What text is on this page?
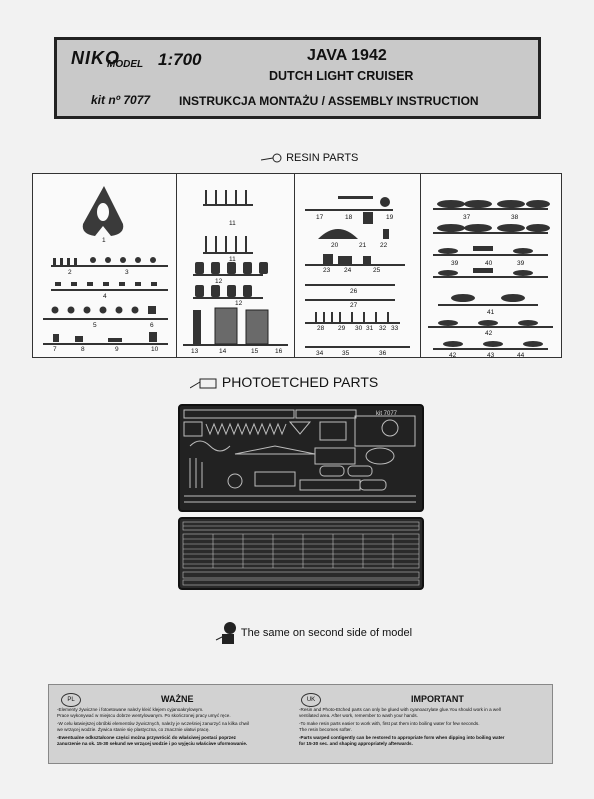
NIKO
MODEL 1:700	JAVA 1942
DUTCH LIGHT CRUISER
kit nº 7077 INSTRUKCJA MONTAŻU / ASSEMBLY INSTRUCTION
RESIN PARTS
1
2	3
4
5	6
7	8	9	10
11
11
12
12
13	14	15	16
17	18	19
20	21 22
23 24	25
26
27
28 29 30 31 32 33
34	35	36
37	38
39	40	39
41
42
42	43	44
PHOTOETCHED PARTS
kit 7077
The same on second side of model
PL	WAŻNE
-Elementy żywiczne i fotoetowane należy kleić klejem cyjanoakrylowym.
Prace wykonywać w miejscu dobrze wentylowanym. Po skończonej pracy umyć ręce.
-W celu łatwiejszej obróbki elementów żywicznych, należy je wcześniej zanurzyć na kilka chwil
we wrzącej wodzie. Żywica stanie się plastyczna, co znacznie ułatwi pracę.
-Ewentualne odkształcone części można przywrócić do właściwej postaci poprzez
zanurzenie na ok. 15-30 sekund we wrzącej wodzie i po wyjęciu właściwe uformowanie.
UK	IMPORTANT
-Resin and Photo-Etched parts can only be glued with cyanoacrylate glue.You should work in a well
ventilated area. After work, remember to wash your hands.
-To make resin parts easier to work with, first put them into boiling water for few seconds.
The resin becomes softer.
-Parts warped contigently can be restored to appropriate form when dipping into boiling water
for 15-30 sec. and shaping appropriately afterwards.
